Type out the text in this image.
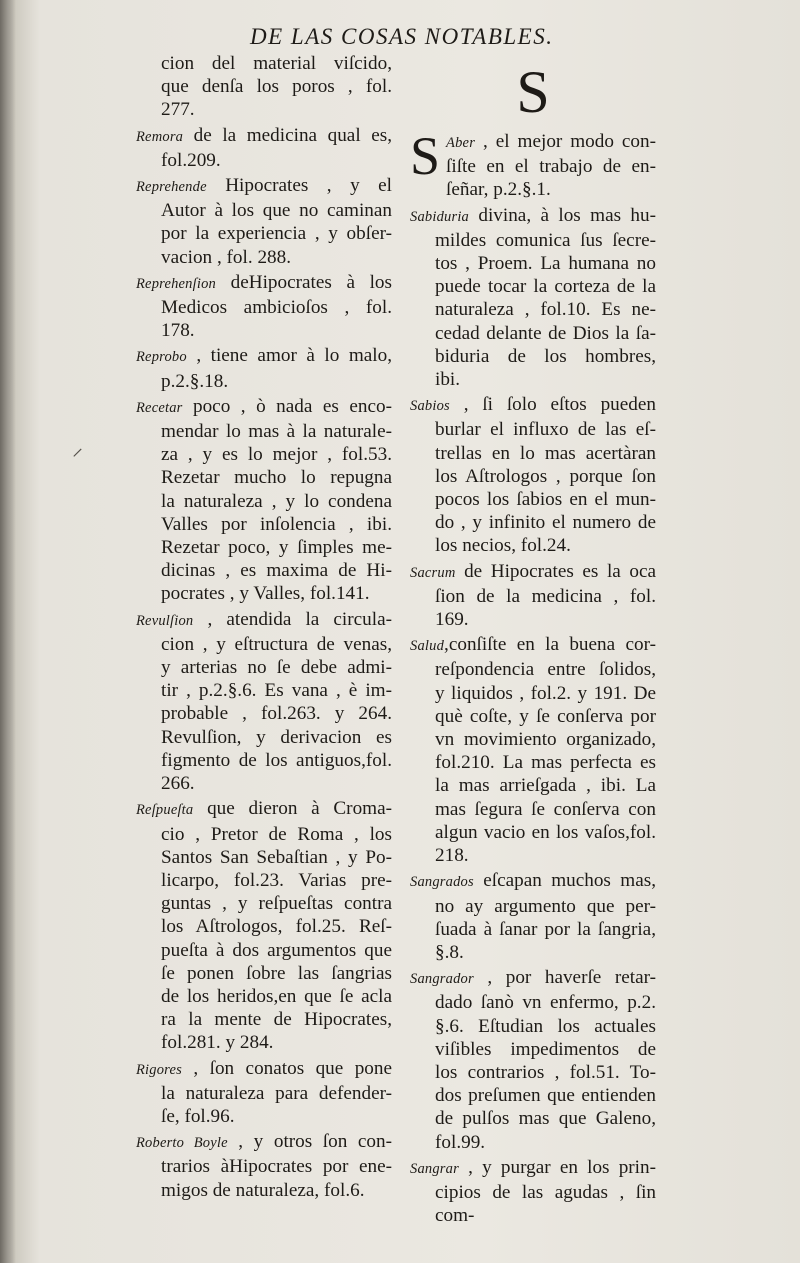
DE LAS COSAS NOTABLES.
cion del material viſcido,
que denſa los poros , fol.
277.
Remora de la medicina qual es,
fol.209.
Reprehende Hipocrates , y el
Autor à los que no caminan
por la experiencia , y obſer-
vacion , fol. 288.
Reprehenſion deHipocrates à los
Medicos ambicioſos , fol.
178.
Reprobo , tiene amor à lo malo,
p.2.§.18.
Recetar poco , ò nada es enco-
mendar lo mas à la naturale-
za , y es lo mejor , fol.53.
Rezetar mucho lo repugna
la naturaleza , y lo condena
Valles por inſolencia , ibi.
Rezetar poco, y ſimples me-
dicinas , es maxima de Hi-
pocrates , y Valles, fol.141.
Revulſion , atendida la circula-
cion , y eſtructura de venas,
y arterias no ſe debe admi-
tir , p.2.§.6. Es vana , è im-
probable , fol.263. y 264.
Revulſion, y derivacion es
figmento de los antiguos,fol.
266.
Reſpueſta que dieron à Croma-
cio , Pretor de Roma , los
Santos San Sebaſtian , y Po-
licarpo, fol.23. Varias pre-
guntas , y reſpueſtas contra
los Aſtrologos, fol.25. Reſ-
pueſta à dos argumentos que
ſe ponen ſobre las ſangrias
de los heridos,en que ſe acla
ra la mente de Hipocrates,
fol.281. y 284.
Rigores , ſon conatos que pone
la naturaleza para defender-
ſe, fol.96.
Roberto Boyle , y otros ſon con-
trarios àHipocrates por ene-
migos de naturaleza, fol.6.
S
S Aber , el mejor modo con-
ſiſte en el trabajo de en-
ſeñar, p.2.§.1.
Sabiduria divina, à los mas hu-
mildes comunica ſus ſecre-
tos , Proem. La humana no
puede tocar la corteza de la
naturaleza , fol.10. Es ne-
cedad delante de Dios la ſa-
biduria de los hombres,
ibi.
Sabios , ſi ſolo eſtos pueden
burlar el influxo de las eſ-
trellas en lo mas acertàran
los Aſtrologos , porque ſon
pocos los ſabios en el mun-
do , y infinito el numero de
los necios, fol.24.
Sacrum de Hipocrates es la oca
ſion de la medicina , fol.
169.
Salud,conſiſte en la buena cor-
reſpondencia entre ſolidos,
y liquidos , fol.2. y 191. De
què coſte, y ſe conſerva por
vn movimiento organizado,
fol.210. La mas perfecta es
la mas arrieſgada , ibi. La
mas ſegura ſe conſerva con
algun vacio en los vaſos,fol.
218.
Sangrados eſcapan muchos mas,
no ay argumento que per-
ſuada à ſanar por la ſangria,
§.8.
Sangrador , por haverſe retar-
dado ſanò vn enfermo, p.2.
§.6. Eſtudian los actuales
viſibles impedimentos de
los contrarios , fol.51. To-
dos preſumen que entienden
de pulſos mas que Galeno,
fol.99.
Sangrar , y purgar en los prin-
cipios de las agudas , ſin
com-
⸝
